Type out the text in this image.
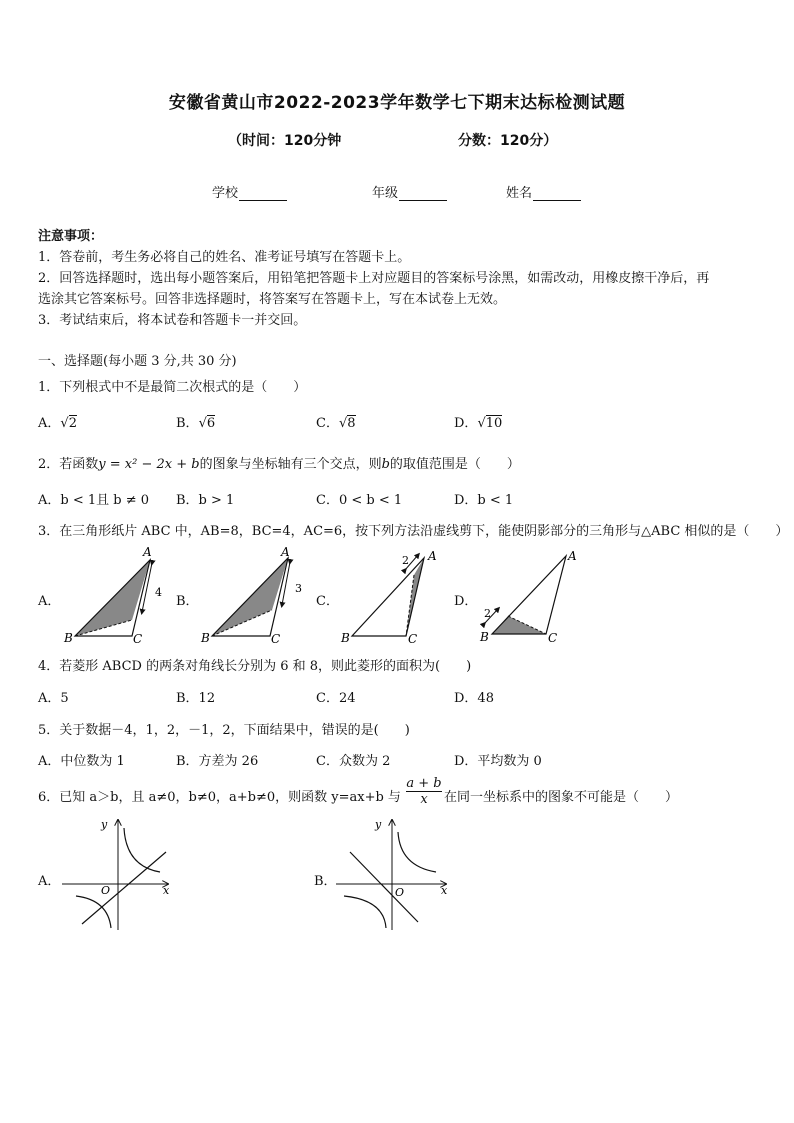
安徽省黄山市2022-2023学年数学七下期末达标检测试题
（时间：120分钟	分数：120分）
学校	年级	姓名
注意事项：
1．答卷前，考生务必将自己的姓名、准考证号填写在答题卡上。
2．回答选择题时，选出每小题答案后，用铅笔把答题卡上对应题目的答案标号涂黑，如需改动，用橡皮擦干净后，再
选涂其它答案标号。回答非选择题时，将答案写在答题卡上，写在本试卷上无效。
3．考试结束后，将本试卷和答题卡一并交回。
一、选择题(每小题 3 分,共 30 分)
1．下列根式中不是最简二次根式的是（　　）
A．√2	B．√6	C．√8	D．√10
2．若函数y = x² − 2x + b的图象与坐标轴有三个交点，则b的取值范围是（　　）
A．b < 1且 b ≠ 0 B．b > 1	C．0 < b < 1	D．b < 1
3．在三角形纸片 ABC 中，AB=8，BC=4，AC=6，按下列方法沿虚线剪下，能使阴影部分的三角形与△ABC 相似的是（　　）
A．	B．	C．	D．
4
A
B	C
3
A
B	C
2 A
B	C
2
A
B	C
4．若菱形 ABCD 的两条对角线长分别为 6 和 8，则此菱形的面积为(　　)
A．5	B．12	C．24	D．48
5．关于数据－4，1，2，－1，2，下面结果中，错误的是(　　)
A．中位数为 1	B．方差为 26	C．众数为 2	D．平均数为 0
6．已知 a＞b，且 a≠0，b≠0，a+b≠0，则函数 y=ax+b 与 $\frac{a + b}{x}$ 在同一坐标系中的图象不可能是（　　）
A．	B．
x
y
O	x
y
O
